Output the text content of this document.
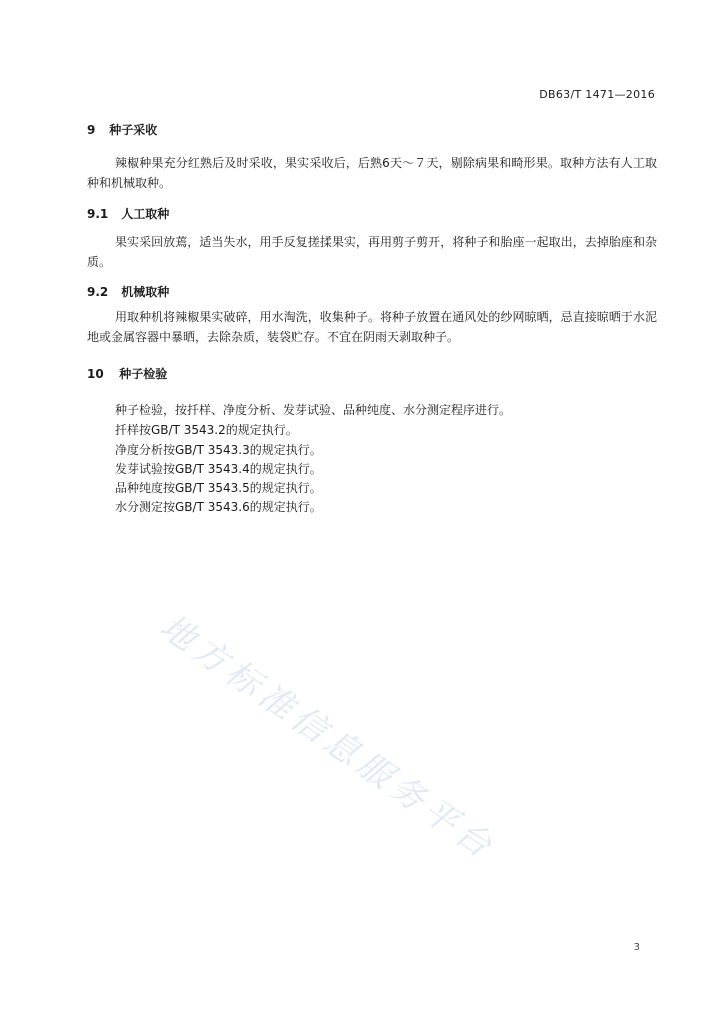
DB63/T 1471—2016
9 种子采收
辣椒种果充分红熟后及时采收，果实采收后，后熟6天～７天，剔除病果和畸形果。取种方法有人工取种和机械取种。
9.1 人工取种
果实采回放蔫，适当失水，用手反复搓揉果实，再用剪子剪开，将种子和胎座一起取出，去掉胎座和杂质。
9.2 机械取种
用取种机将辣椒果实破碎，用水淘洗，收集种子。将种子放置在通风处的纱网晾晒，忌直接晾晒于水泥地或金属容器中暴晒，去除杂质，装袋贮存。不宜在阴雨天剥取种子。
10 种子检验
种子检验，按扦样、净度分析、发芽试验、品种纯度、水分测定程序进行。
扦样按GB/T 3543.2的规定执行。
净度分析按GB/T 3543.3的规定执行。
发芽试验按GB/T 3543.4的规定执行。
品种纯度按GB/T 3543.5的规定执行。
水分测定按GB/T 3543.6的规定执行。
地方标准信息服务平台
3
